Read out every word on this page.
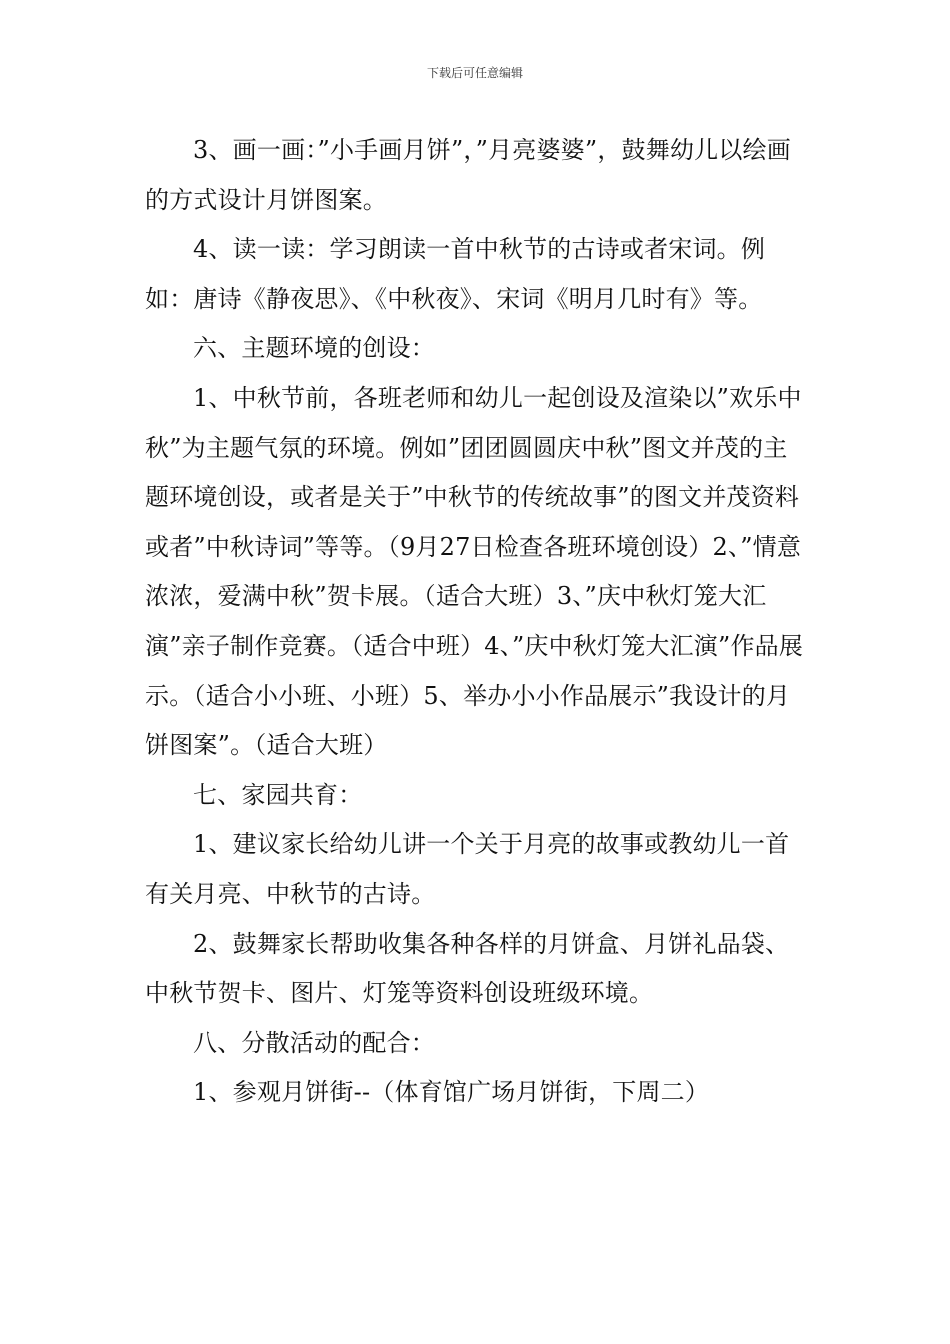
下载后可任意编辑

3、画一画：”小手画月饼”，”月亮婆婆”，鼓舞幼儿以绘画的方式设计月饼图案。

4、读一读：学习朗读一首中秋节的古诗或者宋词。例如：唐诗《静夜思》、《中秋夜》、宋词《明月几时有》等。

六、主题环境的创设：

1、中秋节前，各班老师和幼儿一起创设及渲染以”欢乐中秋”为主题气氛的环境。例如”团团圆圆庆中秋”图文并茂的主题环境创设，或者是关于”中秋节的传统故事”的图文并茂资料或者”中秋诗词”等等。（9月27日检查各班环境创设）2、”情意浓浓，爱满中秋”贺卡展。（适合大班）3、”庆中秋灯笼大汇演”亲子制作竞赛。（适合中班）4、”庆中秋灯笼大汇演”作品展示。（适合小小班、小班）5、举办小小作品展示”我设计的月饼图案”。（适合大班）

七、家园共育：

1、建议家长给幼儿讲一个关于月亮的故事或教幼儿一首有关月亮、中秋节的古诗。

2、鼓舞家长帮助收集各种各样的月饼盒、月饼礼品袋、中秋节贺卡、图片、灯笼等资料创设班级环境。

八、分散活动的配合：

1、参观月饼街--（体育馆广场月饼街，下周二）
